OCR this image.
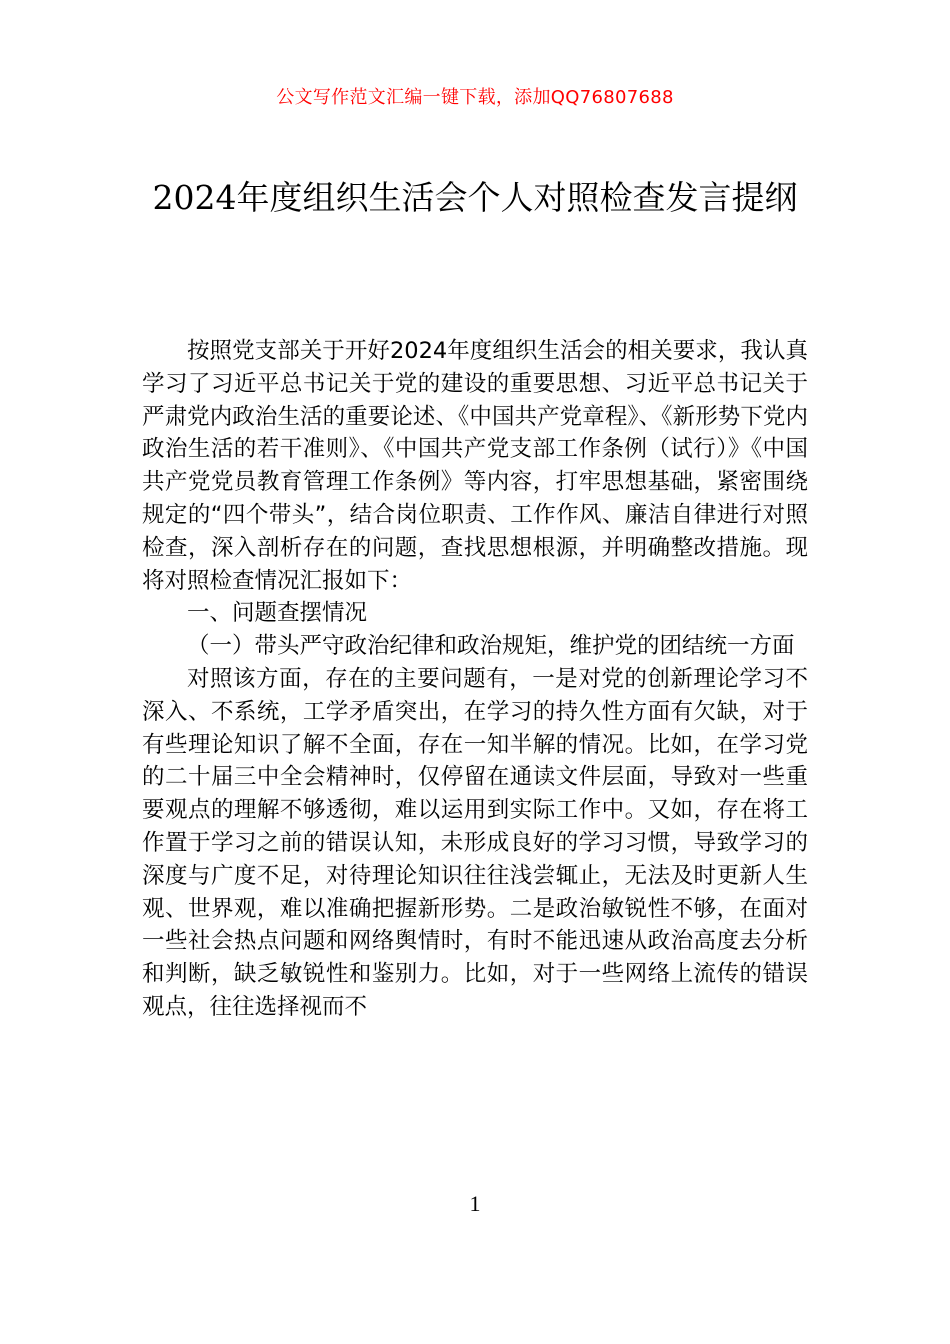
公文写作范文汇编一键下载，添加QQ76807688
2024年度组织生活会个人对照检查发言提纲

按照党支部关于开好2024年度组织生活会的相关要求，我认真学习了习近平总书记关于党的建设的重要思想、习近平总书记关于严肃党内政治生活的重要论述、《中国共产党章程》、《新形势下党内政治生活的若干准则》、《中国共产党支部工作条例（试行）》《中国共产党党员教育管理工作条例》等内容，打牢思想基础，紧密围绕规定的“四个带头”，结合岗位职责、工作作风、廉洁自律进行对照检查，深入剖析存在的问题，查找思想根源，并明确整改措施。现将对照检查情况汇报如下：

一、问题查摆情况

（一）带头严守政治纪律和政治规矩，维护党的团结统一方面

对照该方面，存在的主要问题有，一是对党的创新理论学习不深入、不系统，工学矛盾突出，在学习的持久性方面有欠缺，对于有些理论知识了解不全面，存在一知半解的情况。比如，在学习党的二十届三中全会精神时，仅停留在通读文件层面，导致对一些重要观点的理解不够透彻，难以运用到实际工作中。又如，存在将工作置于学习之前的错误认知，未形成良好的学习习惯，导致学习的深度与广度不足，对待理论知识往往浅尝辄止，无法及时更新人生观、世界观，难以准确把握新形势。二是政治敏锐性不够，在面对一些社会热点问题和网络舆情时，有时不能迅速从政治高度去分析和判断，缺乏敏锐性和鉴别力。比如，对于一些网络上流传的错误观点，往往选择视而不

1
